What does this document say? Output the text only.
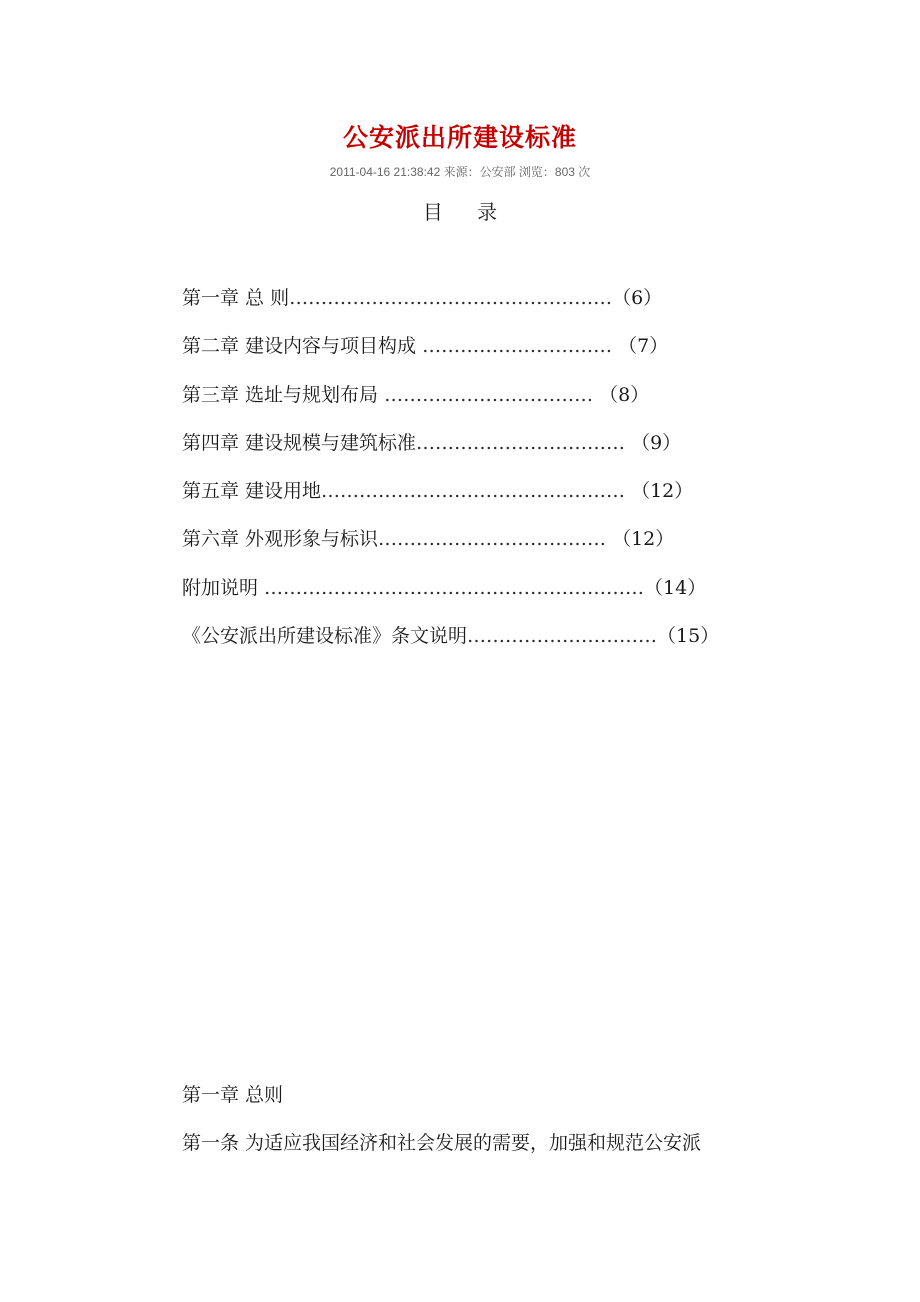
公安派出所建设标准
2011-04-16 21:38:42 来源：公安部 浏览：803 次
目 录
第一章 总 则……………………………………………（6）
第二章 建设内容与项目构成 ………………………… （7）
第三章 选址与规划布局 …………………………… （8）
第四章 建设规模与建筑标准…………………………… （9）
第五章 建设用地………………………………………… （12）
第六章 外观形象与标识……………………………… （12）
附加说明 ……………………………………………………（14）
《公安派出所建设标准》条文说明…………………………（15）
第一章 总则
第一条 为适应我国经济和社会发展的需要，加强和规范公安派
